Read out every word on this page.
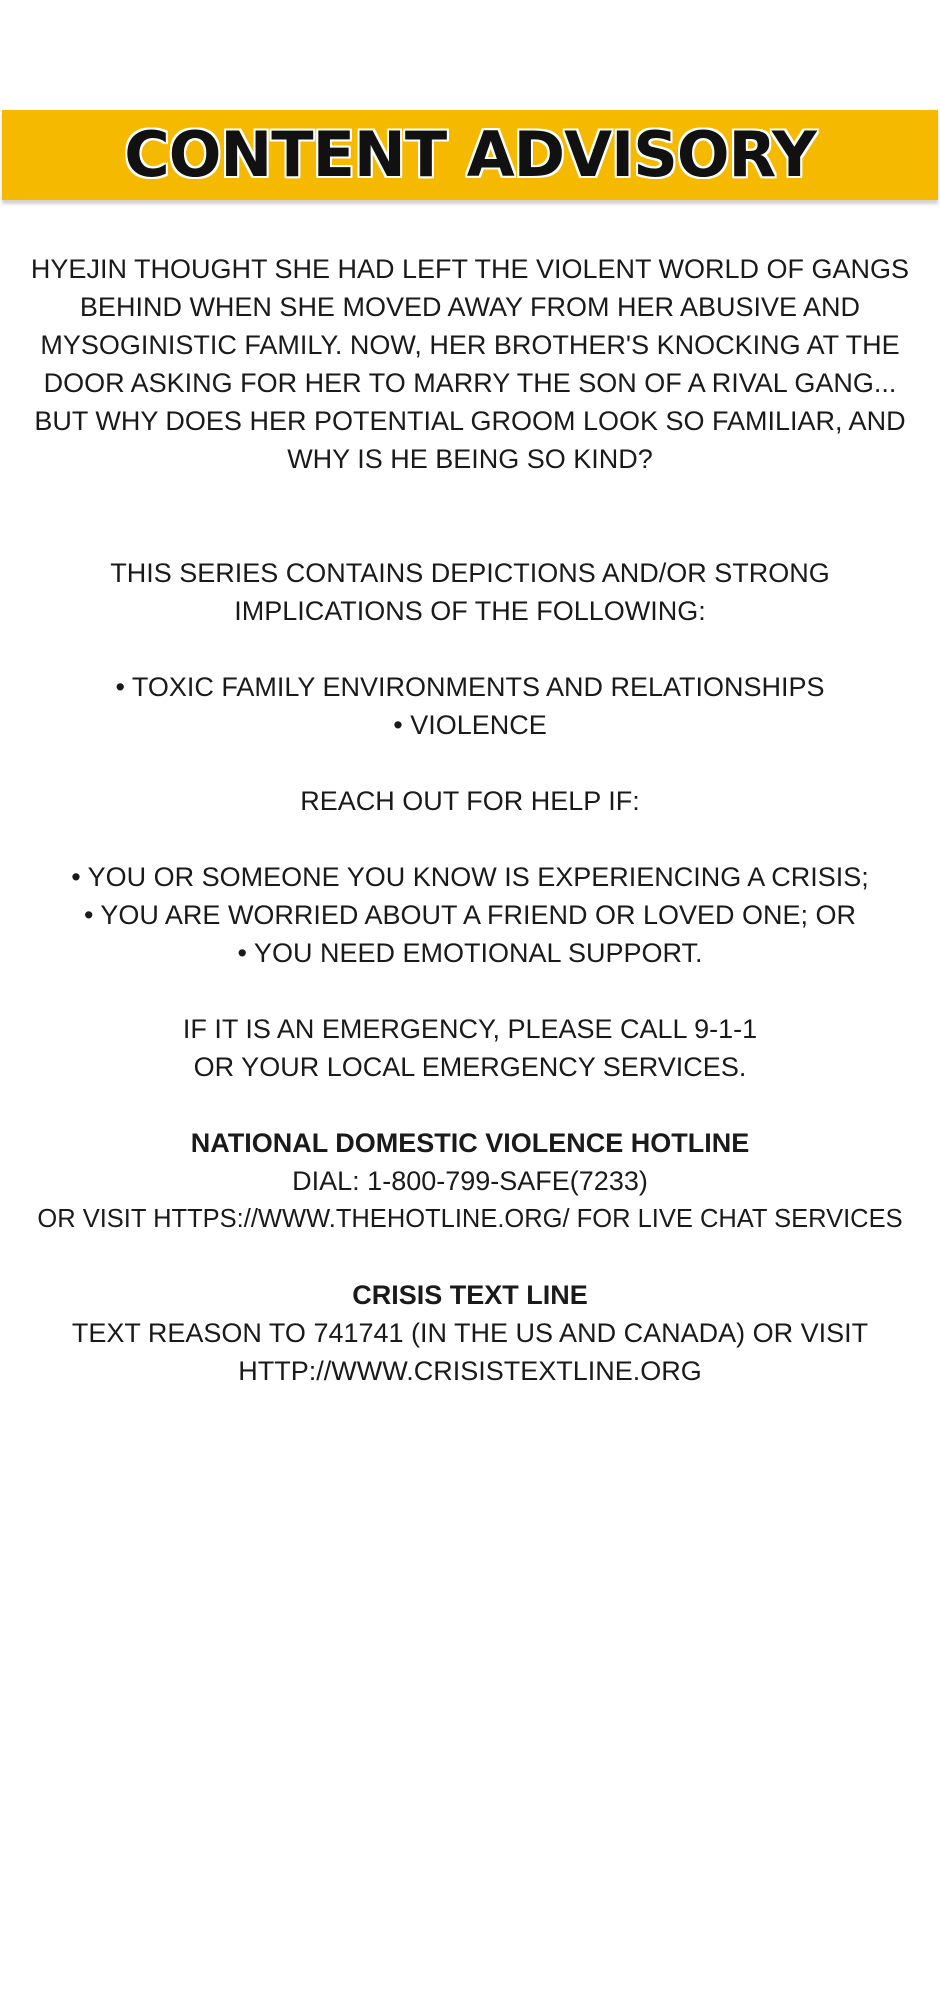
CONTENT ADVISORY
HYEJIN THOUGHT SHE HAD LEFT THE VIOLENT WORLD OF GANGS
BEHIND WHEN SHE MOVED AWAY FROM HER ABUSIVE AND
MYSOGINISTIC FAMILY. NOW, HER BROTHER'S KNOCKING AT THE
DOOR ASKING FOR HER TO MARRY THE SON OF A RIVAL GANG...
BUT WHY DOES HER POTENTIAL GROOM LOOK SO FAMILIAR, AND
WHY IS HE BEING SO KIND?
THIS SERIES CONTAINS DEPICTIONS AND/OR STRONG
IMPLICATIONS OF THE FOLLOWING:
• TOXIC FAMILY ENVIRONMENTS AND RELATIONSHIPS
• VIOLENCE
REACH OUT FOR HELP IF:
• YOU OR SOMEONE YOU KNOW IS EXPERIENCING A CRISIS;
• YOU ARE WORRIED ABOUT A FRIEND OR LOVED ONE; OR
• YOU NEED EMOTIONAL SUPPORT.
IF IT IS AN EMERGENCY, PLEASE CALL 9-1-1
OR YOUR LOCAL EMERGENCY SERVICES.
NATIONAL DOMESTIC VIOLENCE HOTLINE
DIAL: 1-800-799-SAFE(7233)
OR VISIT HTTPS://WWW.THEHOTLINE.ORG/ FOR LIVE CHAT SERVICES
CRISIS TEXT LINE
TEXT REASON TO 741741 (IN THE US AND CANADA) OR VISIT
HTTP://WWW.CRISISTEXTLINE.ORG
